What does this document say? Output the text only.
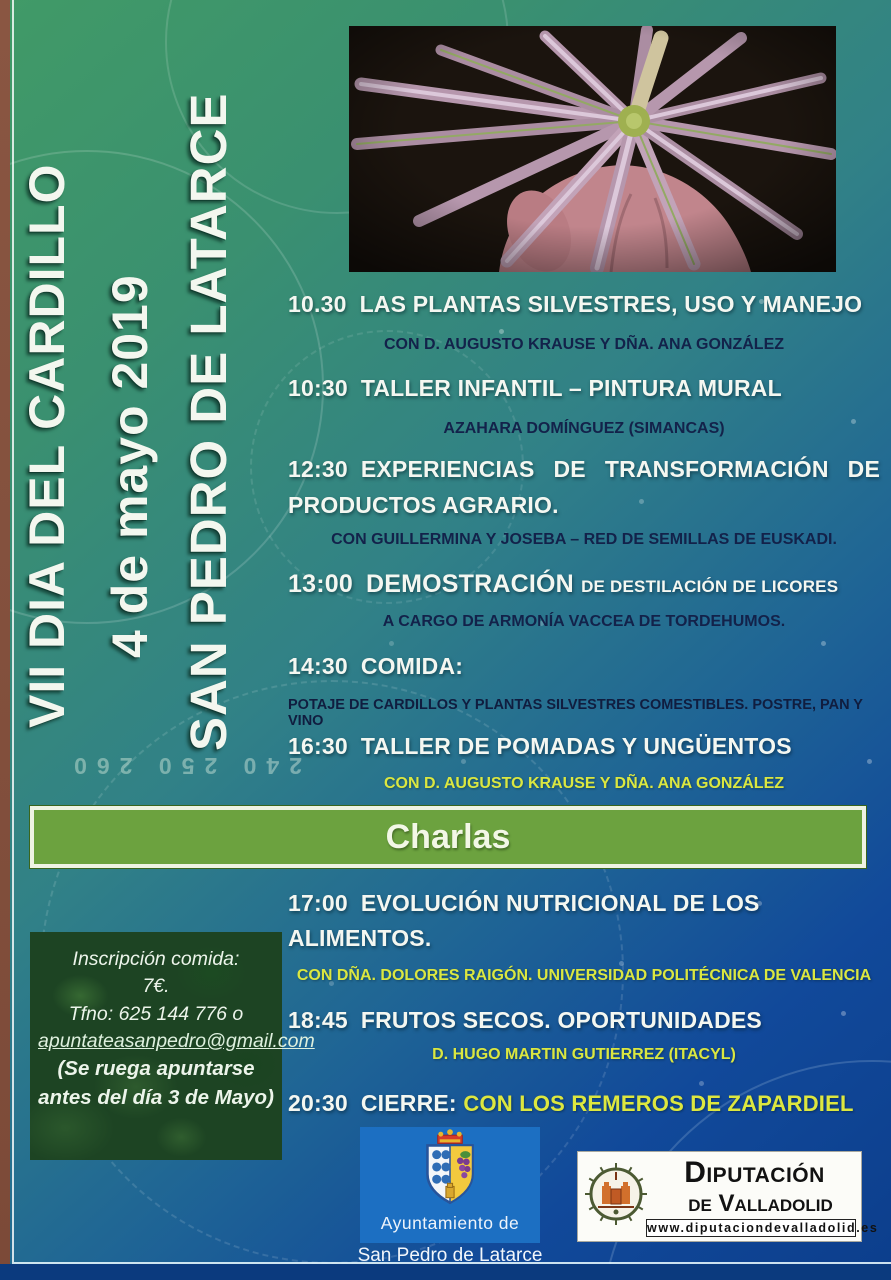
240 250 260
VII DIA DEL CARDILLO 4 de mayo 2019 SAN PEDRO DE LATARCE 10.30 LAS PLANTAS SILVESTRES, USO Y MANEJO
CON D. AUGUSTO KRAUSE Y DÑA. ANA GONZÁLEZ
10:30 TALLER INFANTIL – PINTURA MURAL
AZAHARA DOMÍNGUEZ (SIMANCAS)
12:30 EXPERIENCIAS DE TRANSFORMACIÓN DE PRODUCTOS AGRARIO.
CON GUILLERMINA Y JOSEBA – RED DE SEMILLAS DE EUSKADI.
13:00 DEMOSTRACIÓN DE DESTILACIÓN DE LICORES
A CARGO DE ARMONÍA VACCEA DE TORDEHUMOS.
14:30 COMIDA:
POTAJE DE CARDILLOS Y PLANTAS SILVESTRES COMESTIBLES. POSTRE, PAN Y VINO
16:30 TALLER DE POMADAS Y UNGÜENTOS
CON D. AUGUSTO KRAUSE Y DÑA. ANA GONZÁLEZ
Charlas
17:00 EVOLUCIÓN NUTRICIONAL DE LOS ALIMENTOS.
CON DÑA. DOLORES RAIGÓN. UNIVERSIDAD POLITÉCNICA DE VALENCIA
18:45 FRUTOS SECOS. OPORTUNIDADES
D. HUGO MARTIN GUTIERREZ (ITACYL)
20:30 CIERRE: CON LOS REMEROS DE ZAPARDIEL
Inscripción comida:
7€.
Tfno: 625 144 776 o
apuntateasanpedro@gmail.com
(Se ruega apuntarse antes del día 3 de Mayo)
Ayuntamiento de
San Pedro de Latarce
Diputación
de Valladolid
www.diputaciondevalladolid.es
